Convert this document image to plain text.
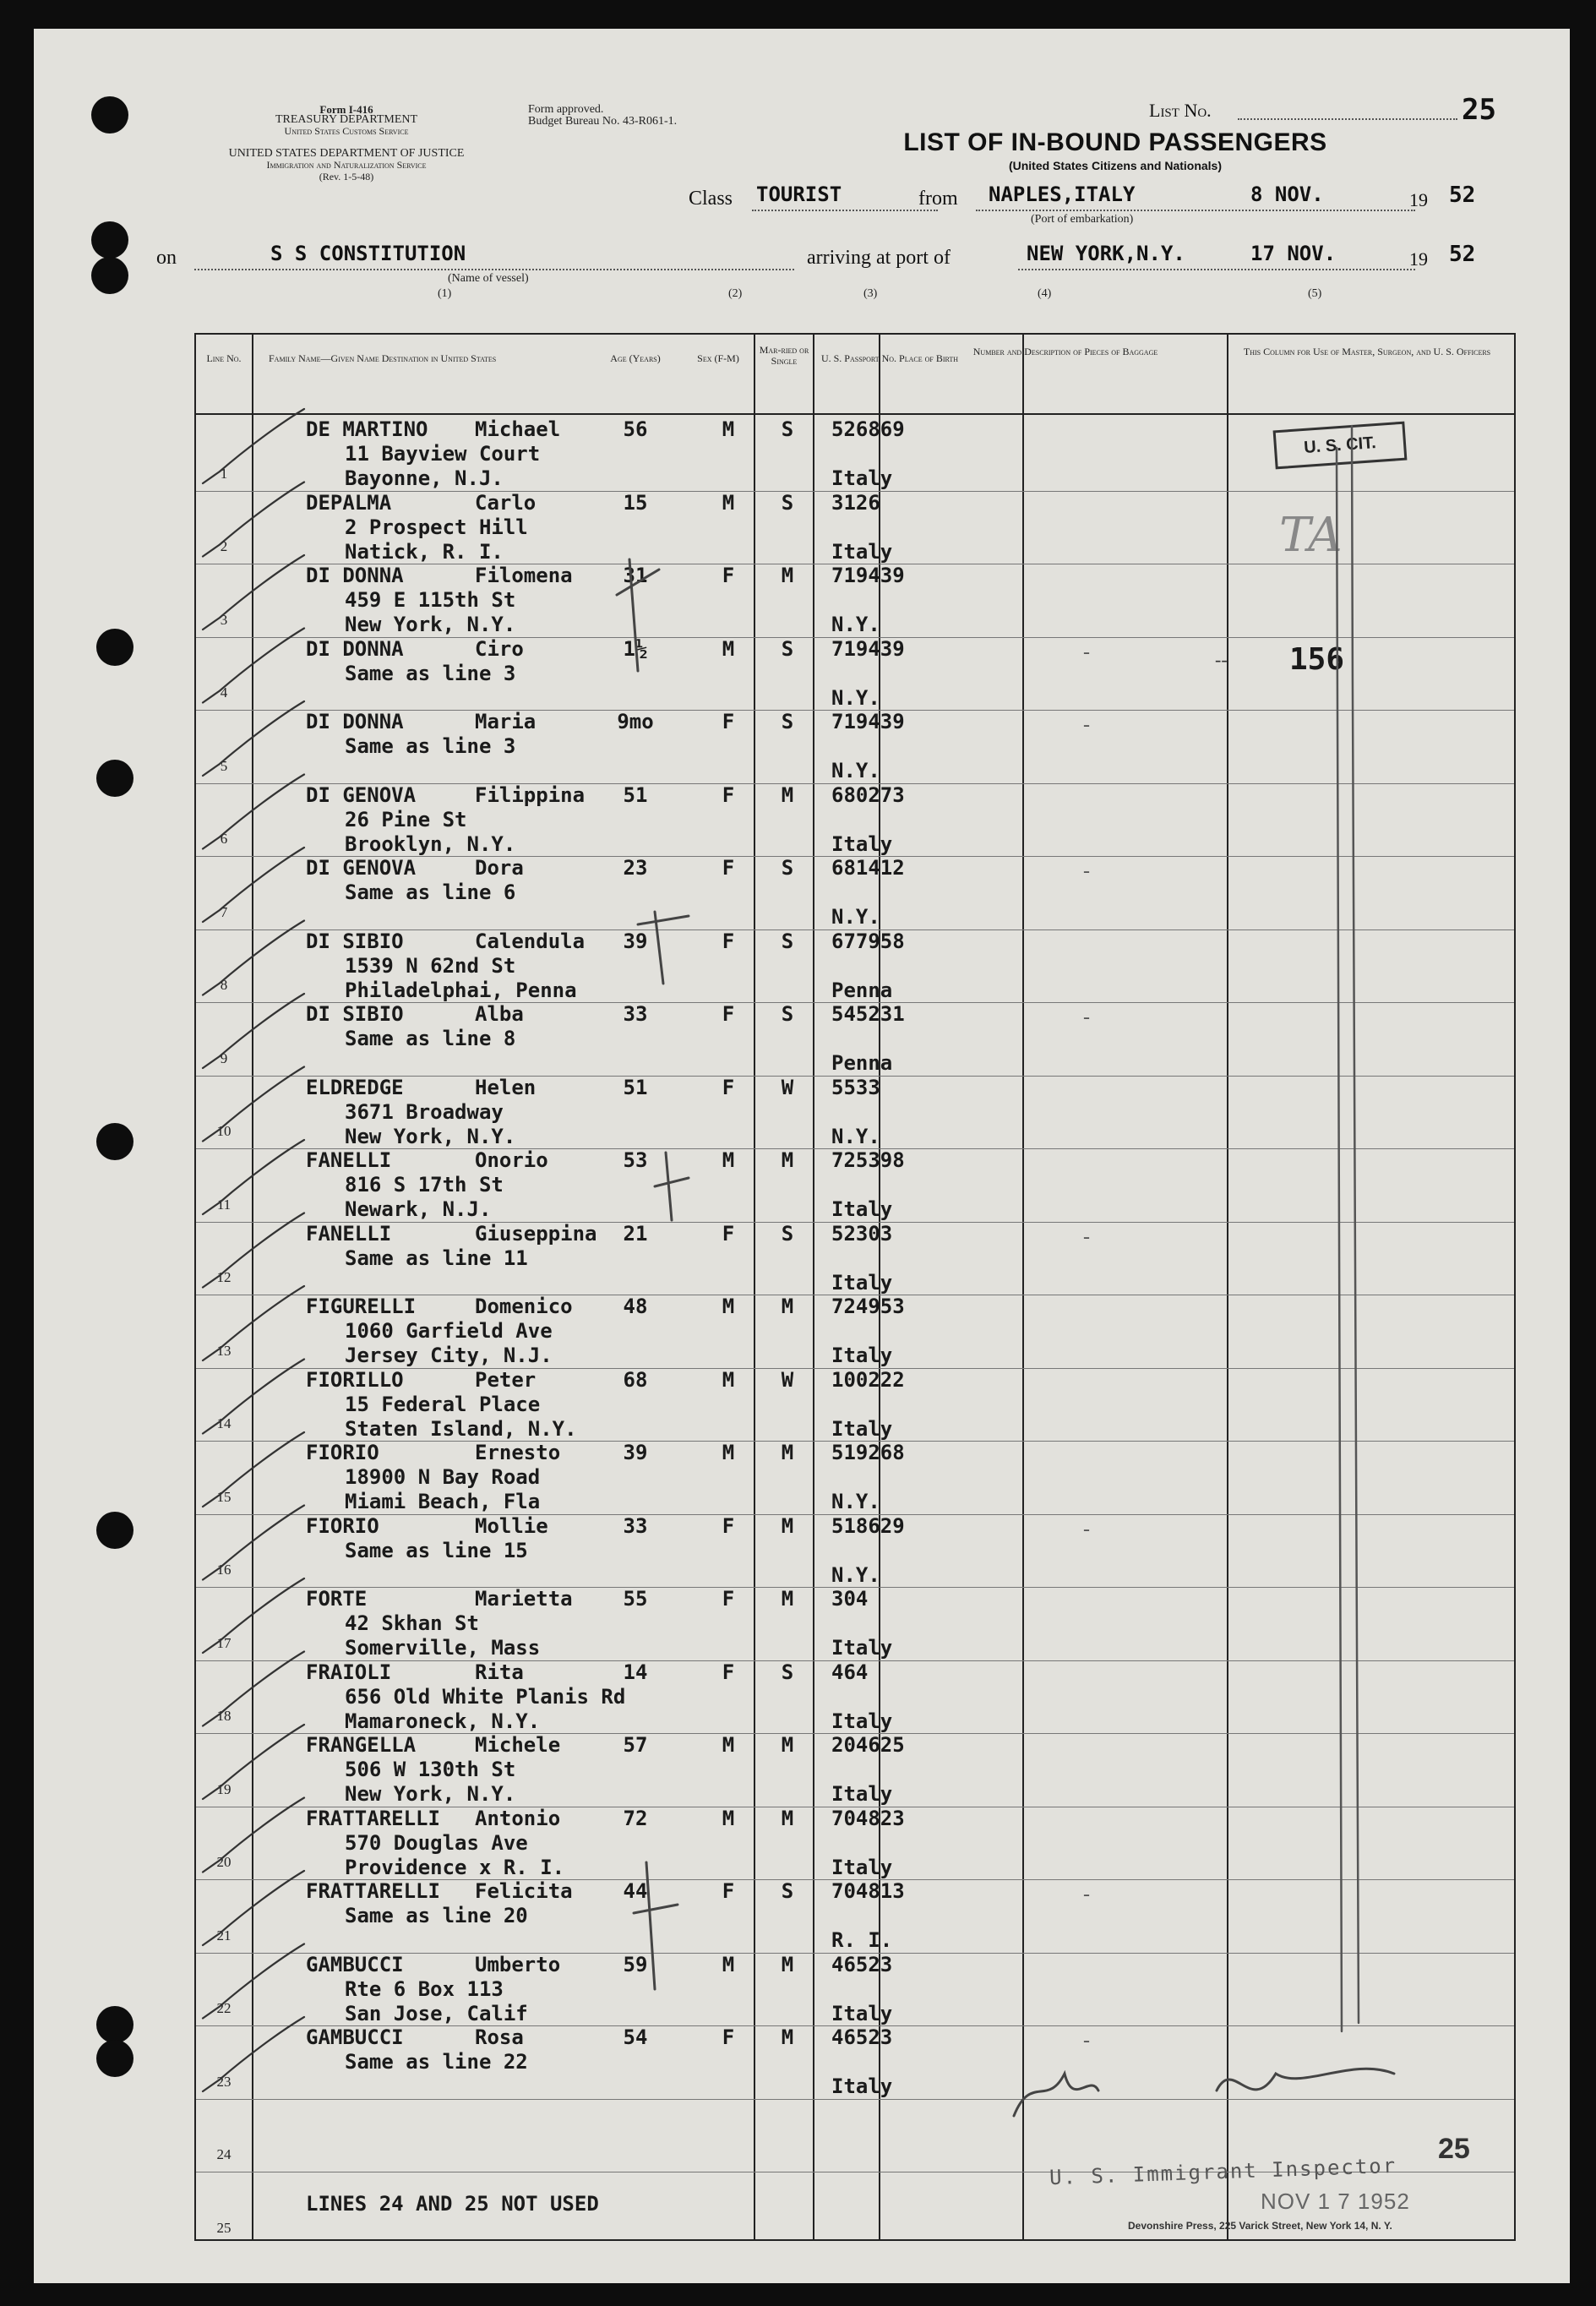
Form I-416
TREASURY DEPARTMENT
United States Customs Service
UNITED STATES DEPARTMENT OF JUSTICE
Immigration and Naturalization Service
(Rev. 1-5-48)
Form approved.
Budget Bureau No. 43-R061-1.
List No.	25
LIST OF IN-BOUND PASSENGERS
(United States Citizens and Nationals)
Class TOURIST	from NAPLES,ITALY
(Port of embarkation)
8 NOV.	19 52
on	S S CONSTITUTION
(Name of vessel)
arriving at port of	NEW YORK,N.Y.	17 NOV.	19 52
(1)	(2)	(3)	(4)	(5)
Line No.	Family Name—Given Name Destination in United States	Age (Years)	Sex (F-M)
Mar-ried or Single	U. S. Passport No. Place of Birth
Number and Description of Pieces of Baggage	This Column for Use of Master, Surgeon, and U. S. Officers
1
DE MARTINO Michael	56	M	S	526869
11 Bayview Court
Bayonne, N.J.	Italy
2
DEPALMA	Carlo	15	M	S	3126
2 Prospect Hill
Natick, R. I.	Italy
3
DI DONNA	Filomena	31	F	M	719439
459 E 115th St
New York, N.Y.	N.Y.
4
DI DONNA	Ciro	1½	M	S	719439
Same as line 3
N.Y.
-
5
DI DONNA	Maria	9mo	F	S	719439
Same as line 3
N.Y.
-
6
DI GENOVA	Filippina	51	F	M	680273
26 Pine St
Brooklyn, N.Y.	Italy
7
DI GENOVA	Dora	23	F	S	681412
Same as line 6
N.Y.
-
8
DI SIBIO	Calendula	39	F	S	677958
1539 N 62nd St
Philadelphai, Penna	Penna
9
DI SIBIO	Alba	33	F	S	545231
Same as line 8
Penna
-
10
ELDREDGE	Helen	51	F	W	5533
3671 Broadway
New York, N.Y.	N.Y.
11
FANELLI	Onorio	53	M	M	725398
816 S 17th St
Newark, N.J.	Italy
12
FANELLI	Giuseppina	21	F	S	52303
Same as line 11
Italy
-
13
FIGURELLI	Domenico	48	M	M	724953
1060 Garfield Ave
Jersey City, N.J.	Italy
14
FIORILLO	Peter	68	M	W	100222
15 Federal Place
Staten Island, N.Y.	Italy
15
FIORIO	Ernesto	39	M	M	519268
18900 N Bay Road
Miami Beach, Fla	N.Y.
16
FIORIO	Mollie	33	F	M	518629
Same as line 15
N.Y.
-
17
FORTE	Marietta	55	F	M	304
42 Skhan St
Somerville, Mass	Italy
18
FRAIOLI	Rita	14	F	S	464
656 Old White Planis Rd
Mamaroneck, N.Y.	Italy
19
FRANGELLA	Michele	57	M	M	204625
506 W 130th St
New York, N.Y.	Italy
20
FRATTARELLI Antonio	72	M	M	704823
570 Douglas Ave
Providence x R. I.	Italy
21
FRATTARELLI Felicita	44	F	S	704813
Same as line 20
R. I.
-
22
GAMBUCCI	Umberto	59	M	M	46523
Rte 6 Box 113
San Jose, Calif	Italy
23
GAMBUCCI	Rosa	54	F	M	46523
Same as line 22
Italy
-
24
25
LINES 24 AND 25 NOT USED
U. S. CIT.
TA
-- 156
U. S. Immigrant Inspector
25
NOV 1 7 1952
Devonshire Press, 225 Varick Street, New York 14, N. Y.
